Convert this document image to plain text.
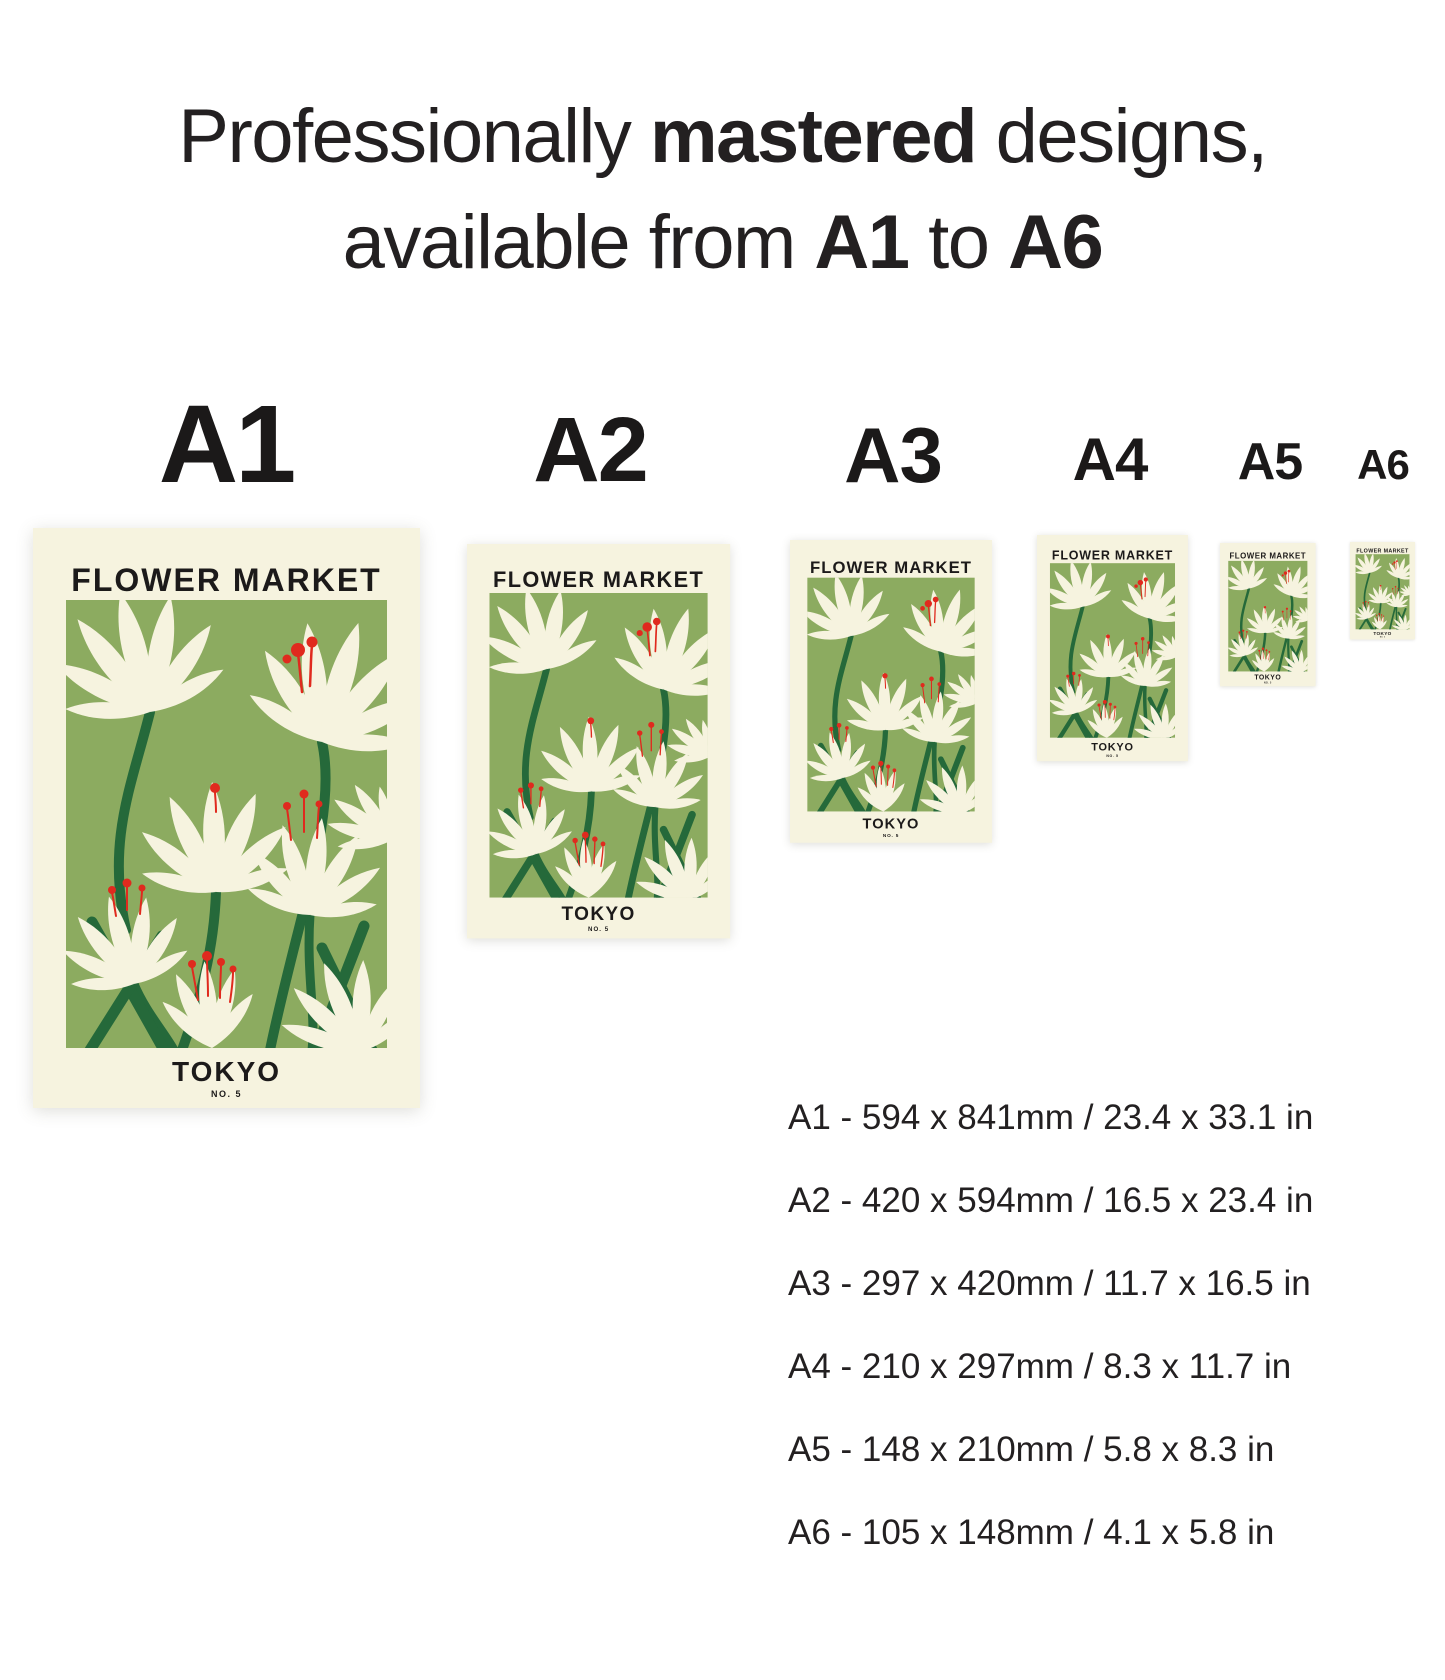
Professionally mastered designs,
available from A1 to A6
A1	A2	A3 A4 A5 A6
FLOWER MARKET
TOKYO
NO. 5
FLOWER MARKET
TOKYO
NO. 5
FLOWER MARKET
TOKYO
NO. 5
FLOWER MARKET
TOKYO
NO. 5
FLOWER MARKET
TOKYO
NO. 5
FLOWER MARKET
TOKYO
NO. 5
A1 - 594 x 841mm / 23.4 x 33.1 in
A2 - 420 x 594mm / 16.5 x 23.4 in
A3 - 297 x 420mm / 11.7 x 16.5 in
A4 - 210 x 297mm / 8.3 x 11.7 in
A5 - 148 x 210mm / 5.8 x 8.3 in
A6 - 105 x 148mm / 4.1 x 5.8 in
